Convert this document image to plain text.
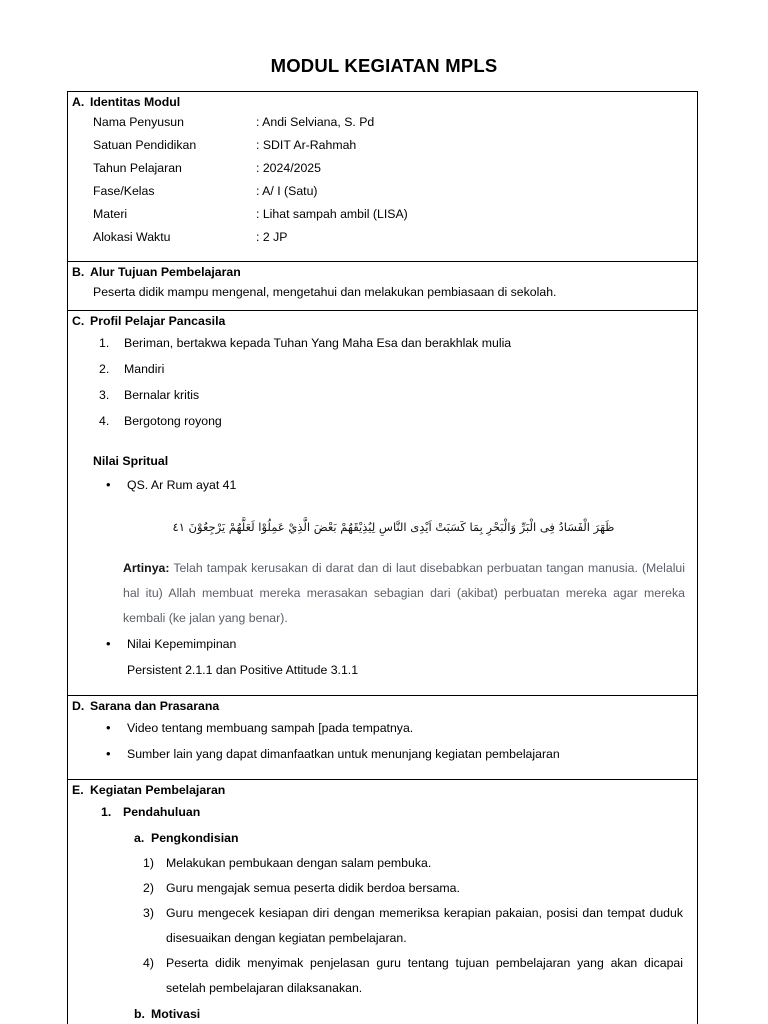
MODUL KEGIATAN MPLS
A. Identitas Modul
Nama Penyusun	: Andi Selviana, S. Pd
Satuan Pendidikan	: SDIT Ar-Rahmah
Tahun Pelajaran	: 2024/2025
Fase/Kelas	: A/ I (Satu)
Materi	: Lihat sampah ambil (LISA)
Alokasi Waktu	: 2 JP
B. Alur Tujuan Pembelajaran
Peserta didik mampu mengenal, mengetahui dan melakukan pembiasaan di sekolah.
C. Profil Pelajar Pancasila
1.	Beriman, bertakwa kepada Tuhan Yang Maha Esa dan berakhlak mulia
2.	Mandiri
3.	Bernalar kritis
4.	Bergotong royong
Nilai Spritual
•	QS. Ar Rum ayat 41
ظَهَرَ الْفَسَادُ فِى الْبَرِّ وَالْبَحْرِ بِمَا كَسَبَتْ اَيْدِى النَّاسِ لِيُذِيْقَهُمْ بَعْضَ الَّذِيْ عَمِلُوْا لَعَلَّهُمْ يَرْجِعُوْنَ ٤١
Artinya: Telah tampak kerusakan di darat dan di laut disebabkan perbuatan tangan manusia. (Melalui hal itu) Allah membuat mereka merasakan sebagian dari (akibat) perbuatan mereka agar mereka kembali (ke jalan yang benar).
•	Nilai Kepemimpinan
Persistent 2.1.1 dan Positive Attitude 3.1.1
D. Sarana dan Prasarana
•	Video tentang membuang sampah [pada tempatnya.
•	Sumber lain yang dapat dimanfaatkan untuk menunjang kegiatan pembelajaran
E. Kegiatan Pembelajaran
1. Pendahuluan
a. Pengkondisian
1) Melakukan pembukaan dengan salam pembuka.
2) Guru mengajak semua peserta didik berdoa bersama.
3) Guru mengecek kesiapan diri dengan memeriksa kerapian pakaian, posisi dan tempat duduk disesuaikan dengan kegiatan pembelajaran.
4) Peserta didik menyimak penjelasan guru tentang tujuan pembelajaran yang akan dicapai setelah pembelajaran dilaksanakan.
b. Motivasi
